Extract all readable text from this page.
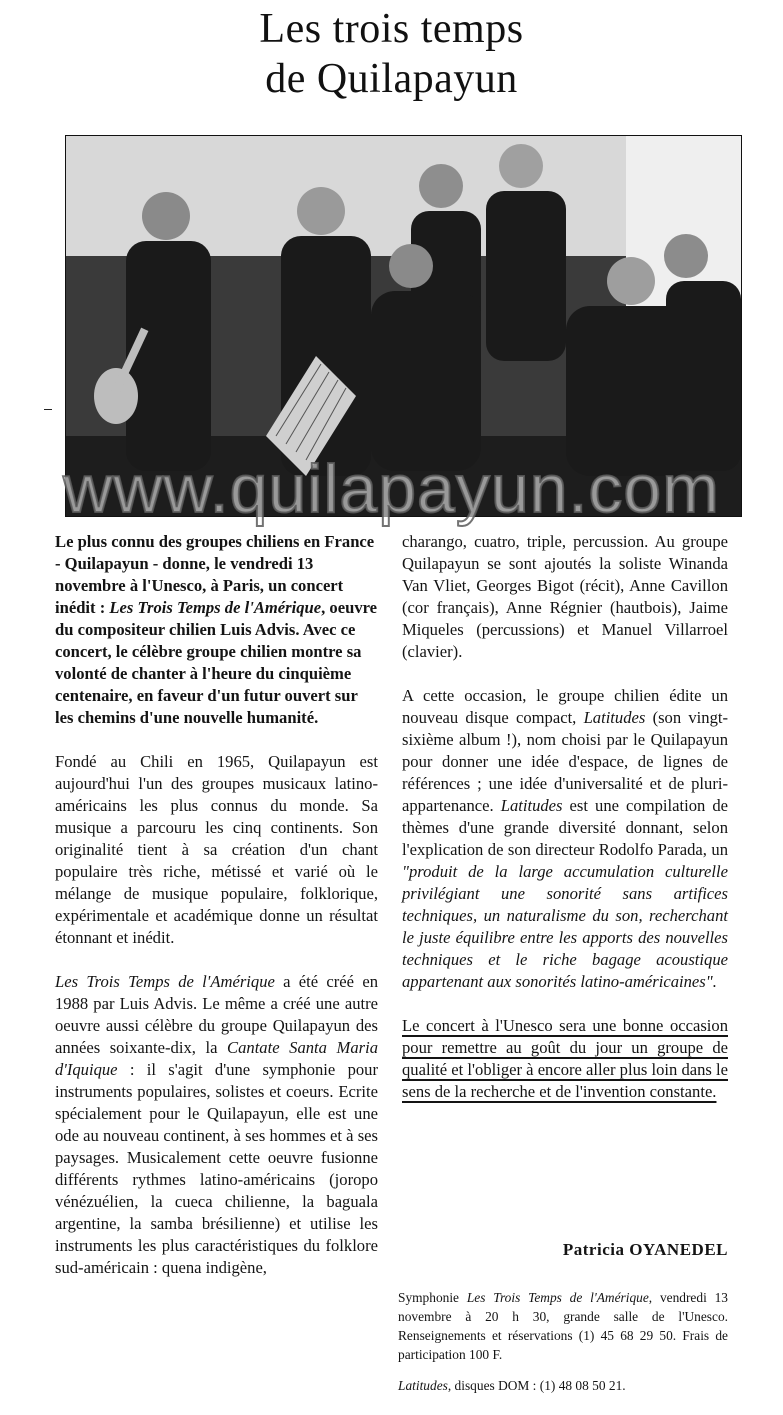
Les trois temps
de Quilapayun
www.quilapayun.com

Le plus connu des groupes chiliens en France - Quilapayun - donne, le vendredi 13 novembre à l'Unesco, à Paris, un concert inédit : Les Trois Temps de l'Amérique, oeuvre du compositeur chilien Luis Advis. Avec ce concert, le célèbre groupe chilien montre sa volonté de chanter à l'heure du cinquième centenaire, en faveur d'un futur ouvert sur les chemins d'une nouvelle humanité.

Fondé au Chili en 1965, Quilapayun est aujourd'hui l'un des groupes musicaux latino-américains les plus connus du monde. Sa musique a parcouru les cinq continents. Son originalité tient à sa création d'un chant populaire très riche, métissé et varié où le mélange de musique populaire, folklorique, expérimentale et académique donne un résultat étonnant et inédit.

Les Trois Temps de l'Amérique a été créé en 1988 par Luis Advis. Le même a créé une autre oeuvre aussi célèbre du groupe Quilapayun des années soixante-dix, la Cantate Santa Maria d'Iquique : il s'agit d'une symphonie pour instruments populaires, solistes et coeurs. Ecrite spécialement pour le Quilapayun, elle est une ode au nouveau continent, à ses hommes et à ses paysages. Musicalement cette oeuvre fusionne différents rythmes latino-américains (joropo vénézuélien, la cueca chilienne, la baguala argentine, la samba brésilienne) et utilise les instruments les plus caractéristiques du folklore sud-américain : quena indigène,

charango, cuatro, triple, percussion. Au groupe Quilapayun se sont ajoutés la soliste Winanda Van Vliet, Georges Bigot (récit), Anne Cavillon (cor français), Anne Régnier (hautbois), Jaime Miqueles (percussions) et Manuel Villarroel (clavier).

A cette occasion, le groupe chilien édite un nouveau disque compact, Latitudes (son vingt-sixième album !), nom choisi par le Quilapayun pour donner une idée d'espace, de lignes de références ; une idée d'universalité et de pluri-appartenance. Latitudes est une compilation de thèmes d'une grande diversité donnant, selon l'explication de son directeur Rodolfo Parada, un "produit de la large accumulation culturelle privilégiant une sonorité sans artifices techniques, un naturalisme du son, recherchant le juste équilibre entre les apports des nouvelles techniques et le riche bagage acoustique appartenant aux sonorités latino-américaines".

Le concert à l'Unesco sera une bonne occasion pour remettre au goût du jour un groupe de qualité et l'obliger à encore aller plus loin dans le sens de la recherche et de l'invention constante.

Patricia OYANEDEL
Symphonie Les Trois Temps de l'Amérique, vendredi 13 novembre à 20 h 30, grande salle de l'Unesco. Renseignements et réservations (1) 45 68 29 50. Frais de participation 100 F.
Latitudes, disques DOM : (1) 48 08 50 21.
